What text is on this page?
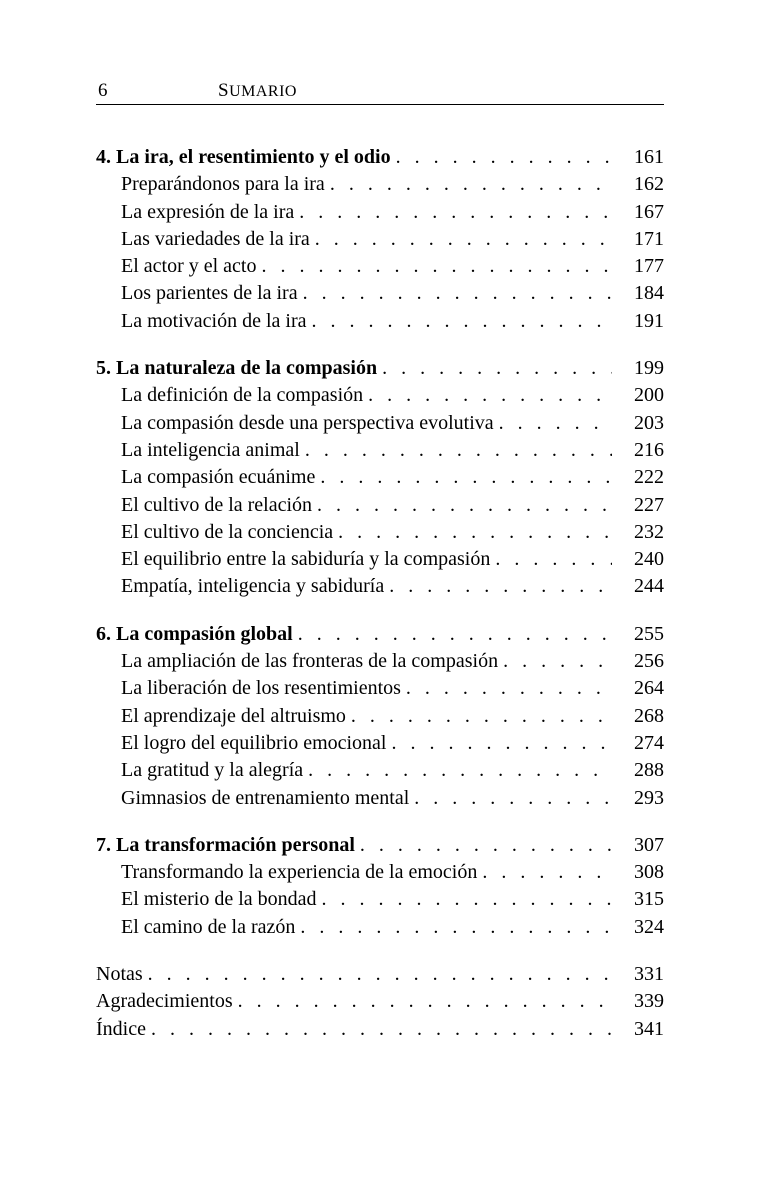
6	SUMARIO
4. La ira, el resentimiento y el odio . . .	161
Preparándonos para la ira . . .	162
La expresión de la ira . . .	167
Las variedades de la ira . . .	171
El actor y el acto . . .	177
Los parientes de la ira . . .	184
La motivación de la ira . . .	191
5. La naturaleza de la compasión . . .	199
La definición de la compasión . . .	200
La compasión desde una perspectiva evolutiva . . .	203
La inteligencia animal . . .	216
La compasión ecuánime . . .	222
El cultivo de la relación . . .	227
El cultivo de la conciencia . . .	232
El equilibrio entre la sabiduría y la compasión . . .	240
Empatía, inteligencia y sabiduría . . .	244
6. La compasión global . . .	255
La ampliación de las fronteras de la compasión . . .	256
La liberación de los resentimientos . . .	264
El aprendizaje del altruismo . . .	268
El logro del equilibrio emocional . . .	274
La gratitud y la alegría . . .	288
Gimnasios de entrenamiento mental . . .	293
7. La transformación personal . . .	307
Transformando la experiencia de la emoción . . .	308
El misterio de la bondad . . .	315
El camino de la razón . . .	324
Notas . . .	331
Agradecimientos . . .	339
Índice . . .	341
